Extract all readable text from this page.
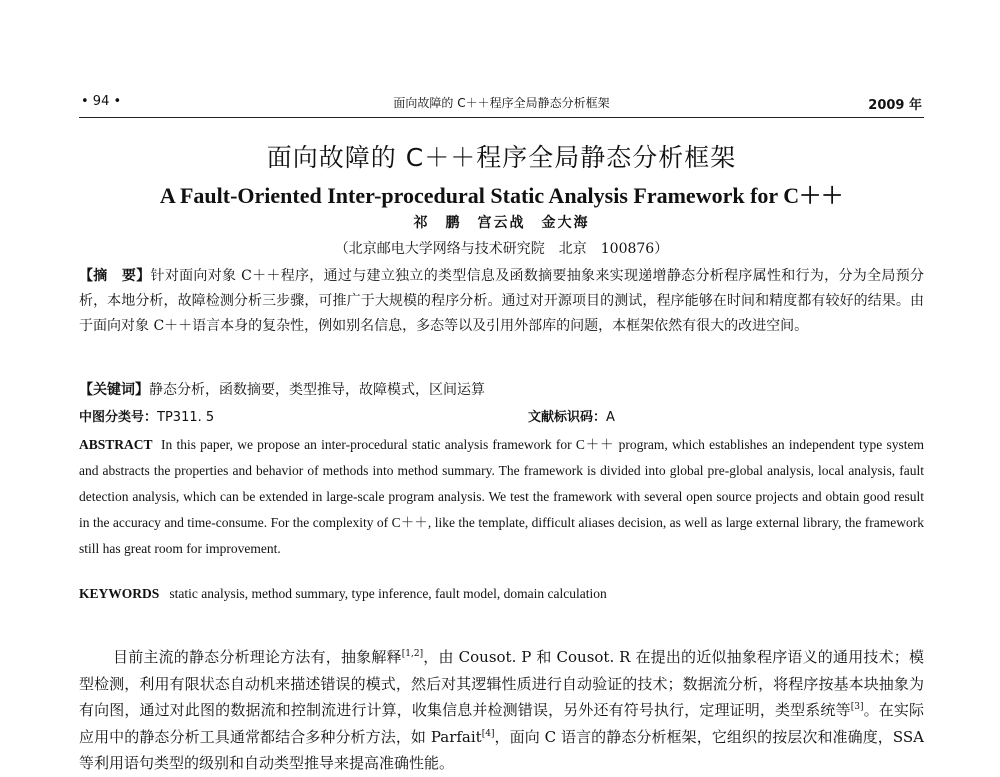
• 94 •	面向故障的 C＋＋程序全局静态分析框架	2009 年
面向故障的 C＋＋程序全局静态分析框架
A Fault-Oriented Inter-procedural Static Analysis Framework for C＋＋
祁　鹏　宫云战　金大海
（北京邮电大学网络与技术研究院　北京　100876）
【摘　要】针对面向对象 C＋＋程序，通过与建立独立的类型信息及函数摘要抽象来实现递增静态分析程序属性和行为，分为全局预分析，本地分析，故障检测分析三步骤，可推广于大规模的程序分析。通过对开源项目的测试，程序能够在时间和精度都有较好的结果。由于面向对象 C＋＋语言本身的复杂性，例如别名信息，多态等以及引用外部库的问题，本框架依然有很大的改进空间。
【关键词】静态分析，函数摘要，类型推导，故障模式，区间运算
中图分类号：TP311. 5	文献标识码：A
ABSTRACT In this paper, we propose an inter-procedural static analysis framework for C＋＋ program, which establishes an independent type system and abstracts the properties and behavior of methods into method summary. The framework is divided into global pre-global analysis, local analysis, fault detection analysis, which can be extended in large-scale program analysis. We test the framework with several open source projects and obtain good result in the accuracy and time-consume. For the complexity of C＋＋, like the template, difficult aliases decision, as well as large external library, the framework still has great room for improvement.
KEYWORDS static analysis, method summary, type inference, fault model, domain calculation
目前主流的静态分析理论方法有，抽象解释[1,2]，由 Cousot. P 和 Cousot. R 在提出的近似抽象程序语义的通用技术；模型检测，利用有限状态自动机来描述错误的模式，然后对其逻辑性质进行自动验证的技术；数据流分析，将程序按基本块抽象为有向图，通过对此图的数据流和控制流进行计算，收集信息并检测错误，另外还有符号执行，定理证明，类型系统等[3]。在实际应用中的静态分析工具通常都结合多种分析方法，如 Parfait[4]，面向 C 语言的静态分析框架，它组织的按层次和准确度，SSA 等利用语句类型的级别和自动类型推导来提高准确性能。
